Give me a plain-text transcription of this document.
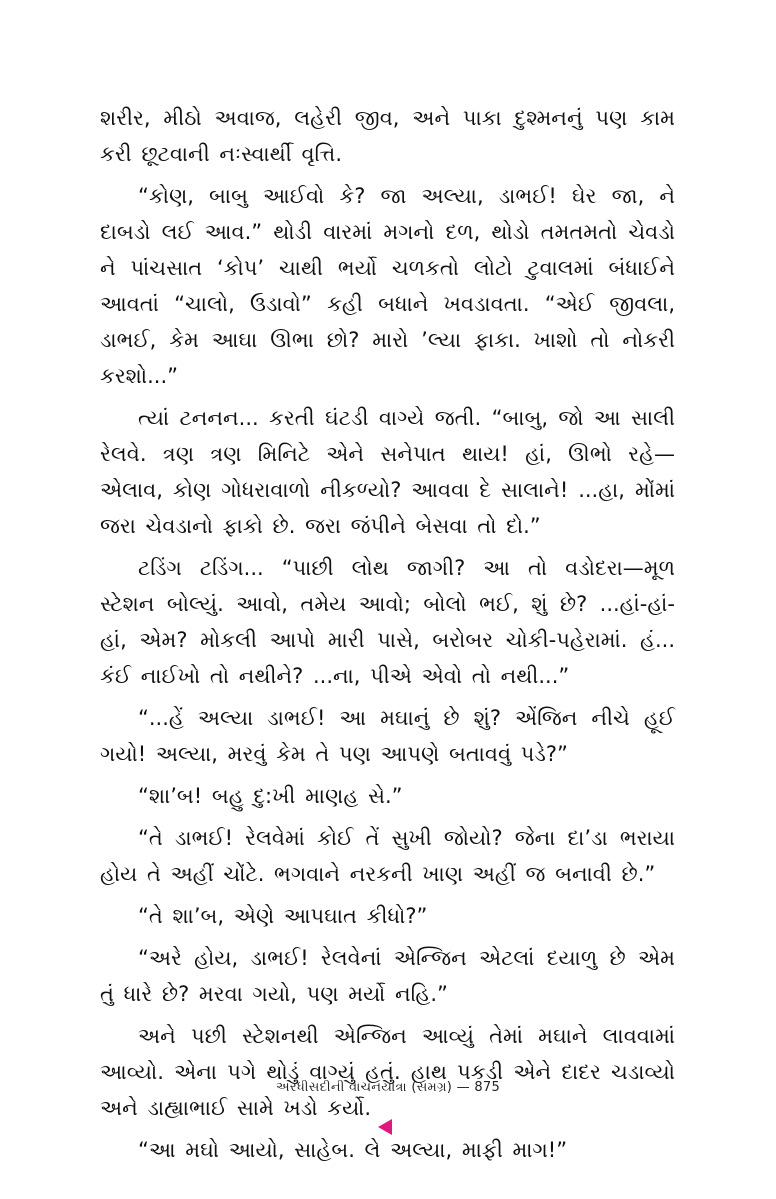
શરીર, મીઠો અવાજ, લહેરી જીવ, અને પાકા દુશ્મનનું પણ કામ કરી છૂટવાની નઃસ્વાર્થી વૃત્તિ.

“કોણ, બાબુ આઈવો કે? જા અલ્યા, ડાભઈ! ઘેર જા, ને દાબડો લઈ આવ.” થોડી વારમાં મગનો દળ, થોડો તમતમતો ચેવડો ને પાંચસાત ‘કોપ’ ચાથી ભર્યો ચળકતો લોટો ટુવાલમાં બંધાઈને આવતાં “ચાલો, ઉડાવો” કહી બધાને ખવડાવતા. “એઈ જીવલા, ડાભઈ, કેમ આઘા ઊભા છો? મારો ’લ્યા ફાકા. ખાશો તો નોકરી કરશો...”

ત્યાં ટનનન... કરતી ઘંટડી વાગ્યે જતી. “બાબુ, જો આ સાલી રેલવે. ત્રણ ત્રણ મિનિટે એને સનેપાત થાય! હાં, ઊભો રહે—એલાવ, કોણ ગોધરાવાળો નીકળ્યો? આવવા દે સાલાને! ...હા, મોંમાં જરા ચેવડાનો ફાકો છે. જરા જંપીને બેસવા તો દો.”

ટડિંગ ટડિંગ... “પાછી લોથ જાગી? આ તો વડોદરા—મૂળ સ્ટેશન બોલ્યું. આવો, તમેય આવો; બોલો ભઈ, શું છે? ...હાં-હાં-હાં, એમ? મોકલી આપો મારી પાસે, બરોબર ચોકી-પહેરામાં. હં... કંઈ નાઈખો તો નથીને? ...ના, પીએ એવો તો નથી...”

“...હેં અલ્યા ડાભઈ! આ મઘાનું છે શું? એંજિન નીચે હૂઈ ગયો! અલ્યા, મરવું કેમ તે પણ આપણે બતાવવું પડે?”

“શા’બ! બહુ દુ:ખી માણહ સે.”

“તે ડાભઈ! રેલવેમાં કોઈ તેં સુખી જોયો? જેના દા’ડા ભરાયા હોય તે અહીં ચોંટે. ભગવાને નરકની ખાણ અહીં જ બનાવી છે.”

“તે શા’બ, એણે આપઘાત કીધો?”

“અરે હોય, ડાભઈ! રેલવેનાં એન્જિન એટલાં દયાળુ છે એમ તું ધારે છે? મરવા ગયો, પણ મર્યો નહિ.”

અને પછી સ્ટેશનથી એન્જિન આવ્યું તેમાં મઘાને લાવવામાં આવ્યો. એના પગે થોડું વાગ્યું હતું. હાથ પકડી એને દાદર ચડાવ્યો અને ડાહ્યાભાઈ સામે ખડો કર્યો.

“આ મઘો આયો, સાહેબ. લે અલ્યા, માફી માગ!”

અરધીસદીની વાચનયાત્રા (સમગ્ર) — 875
